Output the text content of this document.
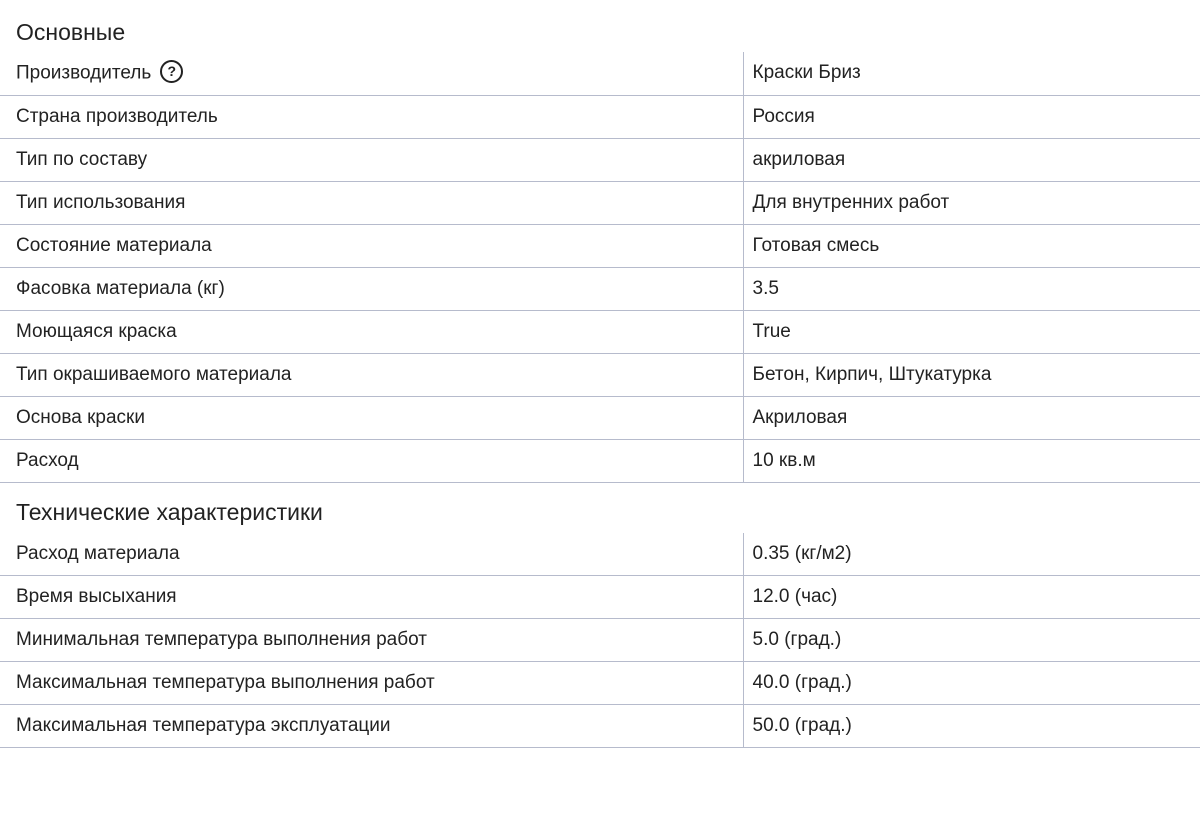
Основные
Производитель ?	Краски Бриз
Страна производитель	Россия
Тип по составу	акриловая
Тип использования	Для внутренних работ
Состояние материала	Готовая смесь
Фасовка материала (кг)	3.5
Моющаяся краска	True
Тип окрашиваемого материала	Бетон, Кирпич, Штукатурка
Основа краски	Акриловая
Расход	10 кв.м
Технические характеристики
Расход материала	0.35 (кг/м2)
Время высыхания	12.0 (час)
Минимальная температура выполнения работ	5.0 (град.)
Максимальная температура выполнения работ	40.0 (град.)
Максимальная температура эксплуатации	50.0 (град.)
